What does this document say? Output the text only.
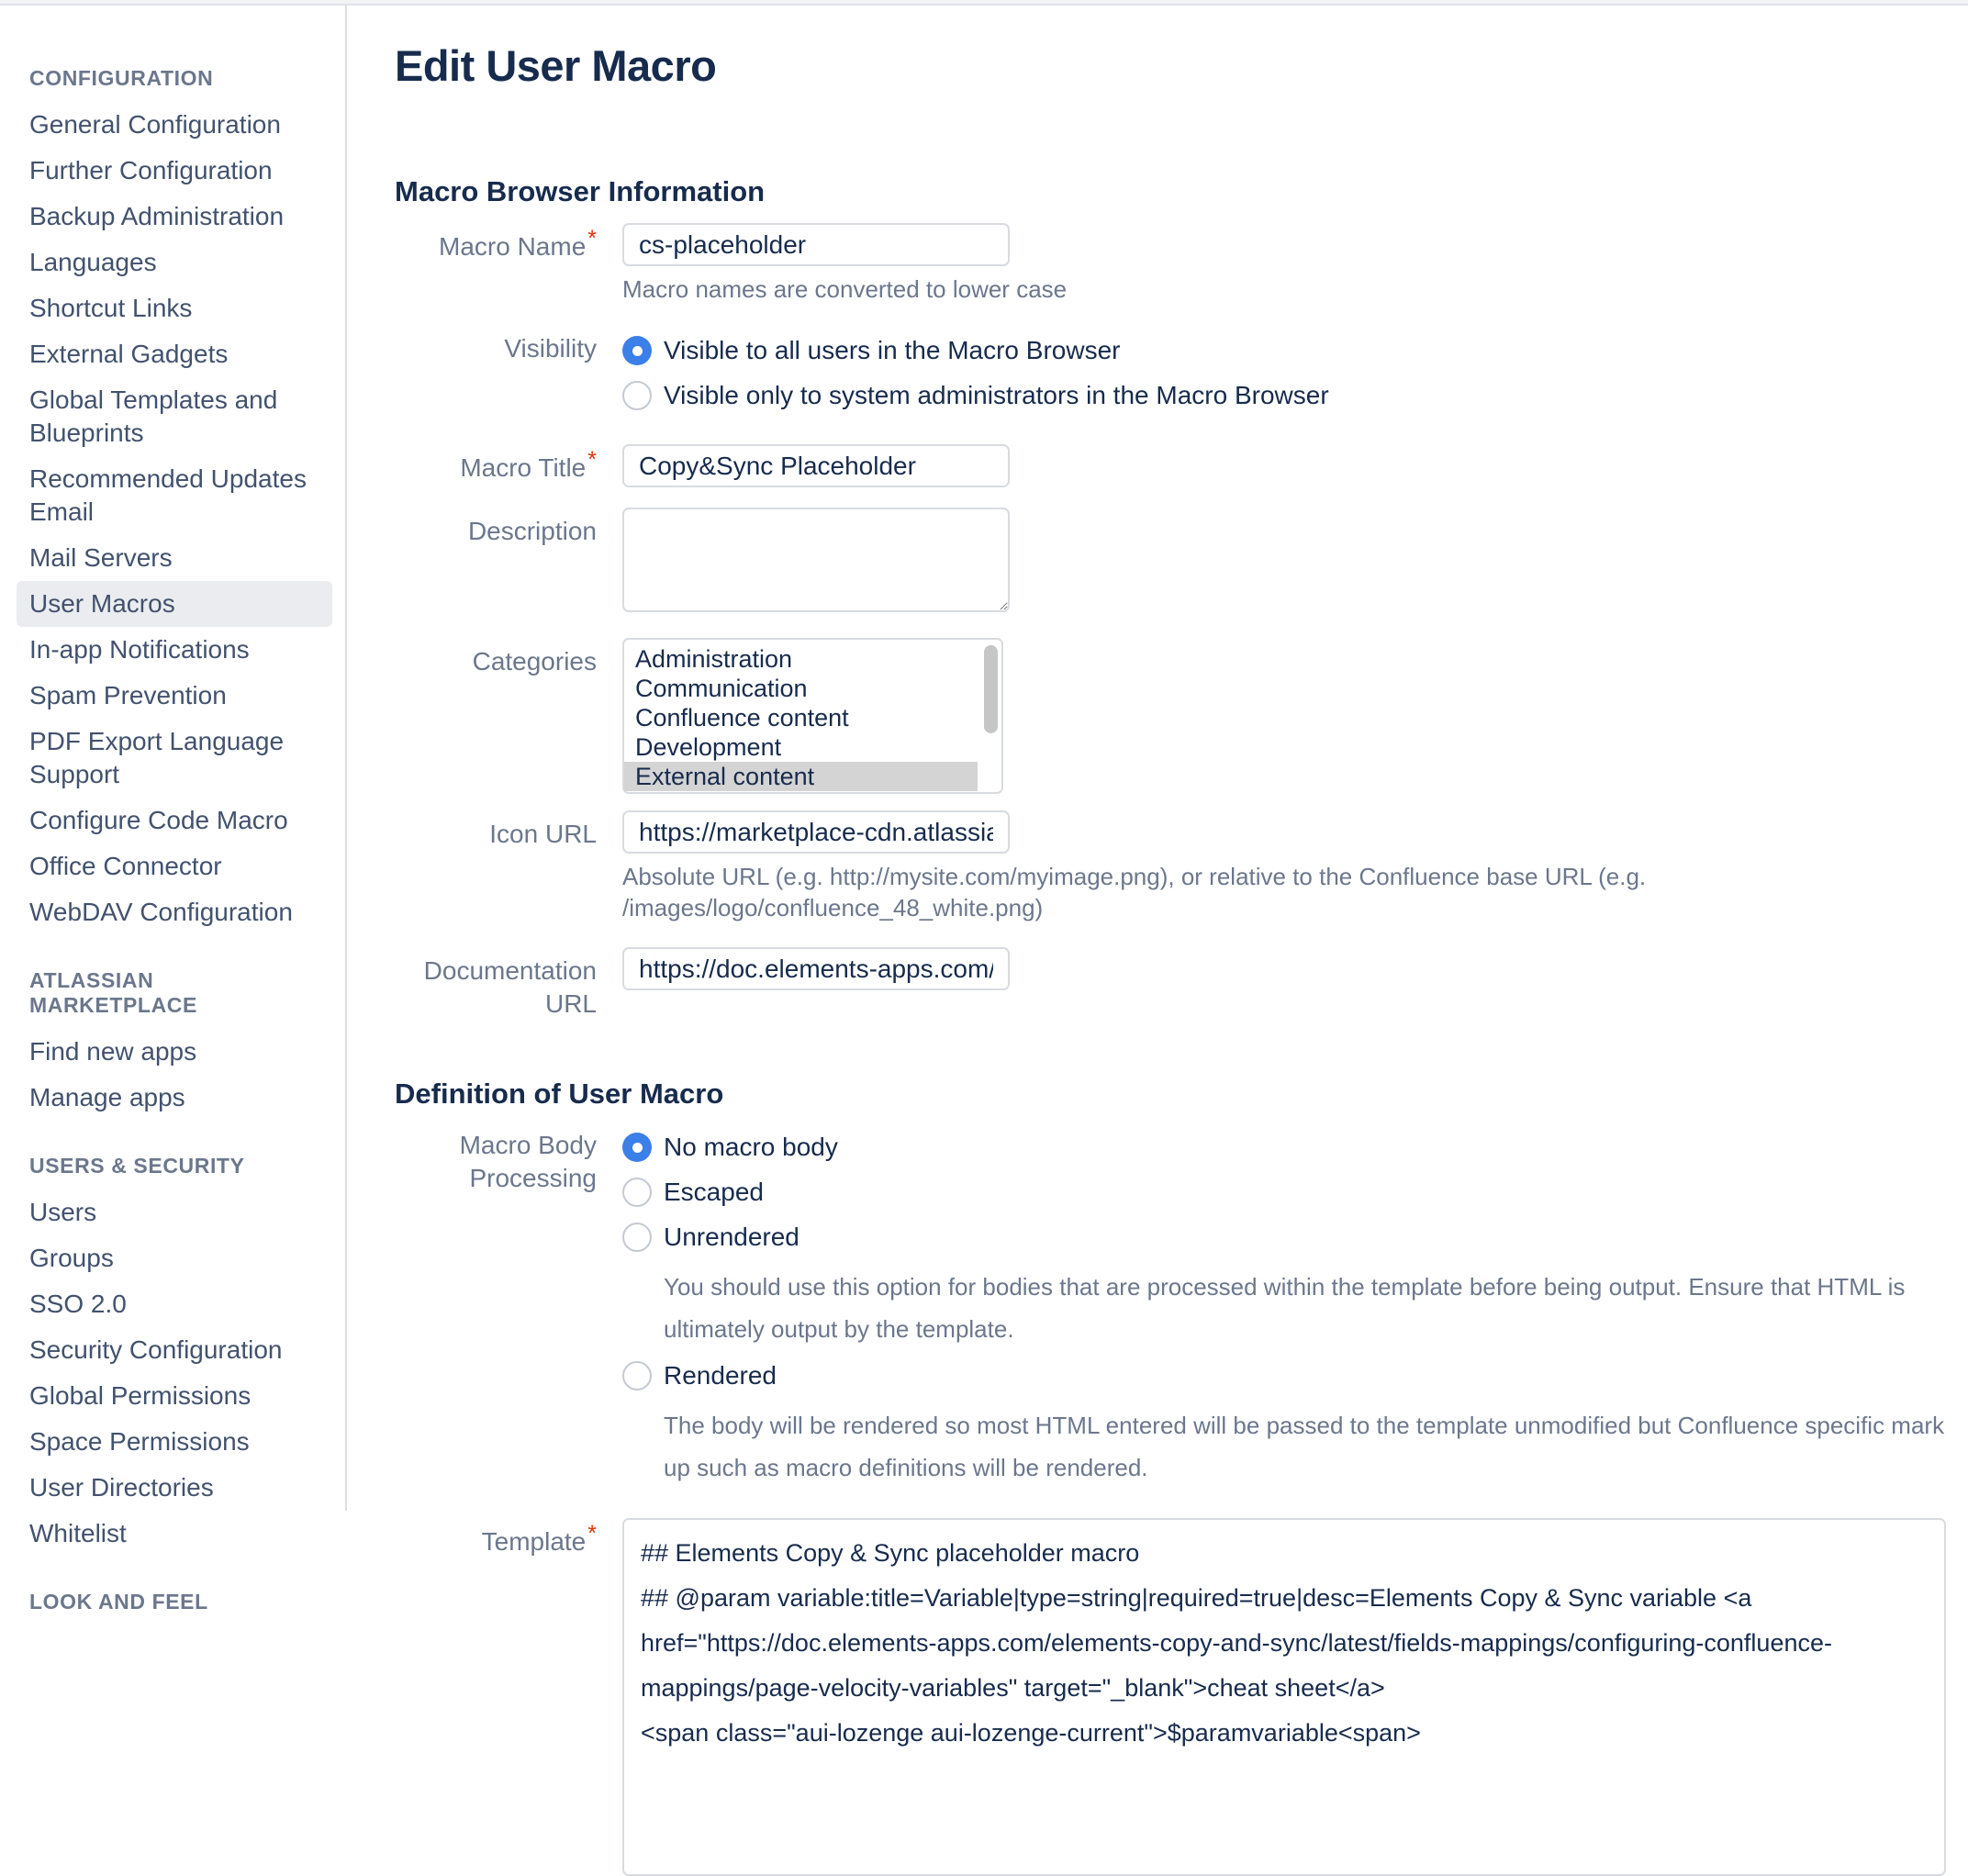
CONFIGURATION
General Configuration
Further Configuration
Backup Administration
Languages
Shortcut Links
External Gadgets
Global Templates and Blueprints
Recommended Updates Email
Mail Servers
User Macros
In-app Notifications
Spam Prevention
PDF Export Language Support
Configure Code Macro
Office Connector
WebDAV Configuration
ATLASSIAN MARKETPLACE
Find new apps
Manage apps
USERS & SECURITY
Users
Groups
SSO 2.0
Security Configuration
Global Permissions
Space Permissions
User Directories
Whitelist
LOOK AND FEEL
Edit User Macro
Macro Browser Information
Macro Name*
cs-placeholder
Macro names are converted to lower case
Visibility	Visible to all users in the Macro Browser
Visible only to system administrators in the Macro Browser
Macro Title*
Copy&Sync Placeholder
Description
Categories	Administration
Communication
Confluence content
Development
External content
Icon URL
https://marketplace-cdn.atlassian.co
Absolute URL (e.g. http://mysite.com/myimage.png), or relative to the Confluence base URL (e.g. /images/logo/confluence_48_white.png)
Documentation URL
https://doc.elements-apps.com/disp
Definition of User Macro
Macro Body Processing
No macro body
Escaped
Unrendered
You should use this option for bodies that are processed within the template before being output. Ensure that HTML is ultimately output by the template.
Rendered
The body will be rendered so most HTML entered will be passed to the template unmodified but Confluence specific mark up such as macro definitions will be rendered.
Template*
## Elements Copy & Sync placeholder macro ## @param variable:title=Variable|type=string|required=true|desc=Elements Copy & Sync variable <a href="https://doc.elements-apps.com/elements-copy-and-sync/latest/fields-mappings/configuring-confluence-mappings/page-velocity-variables" target="_blank">cheat sheet</a> <span class="aui-lozenge aui-lozenge-current">$paramvariable<span>
